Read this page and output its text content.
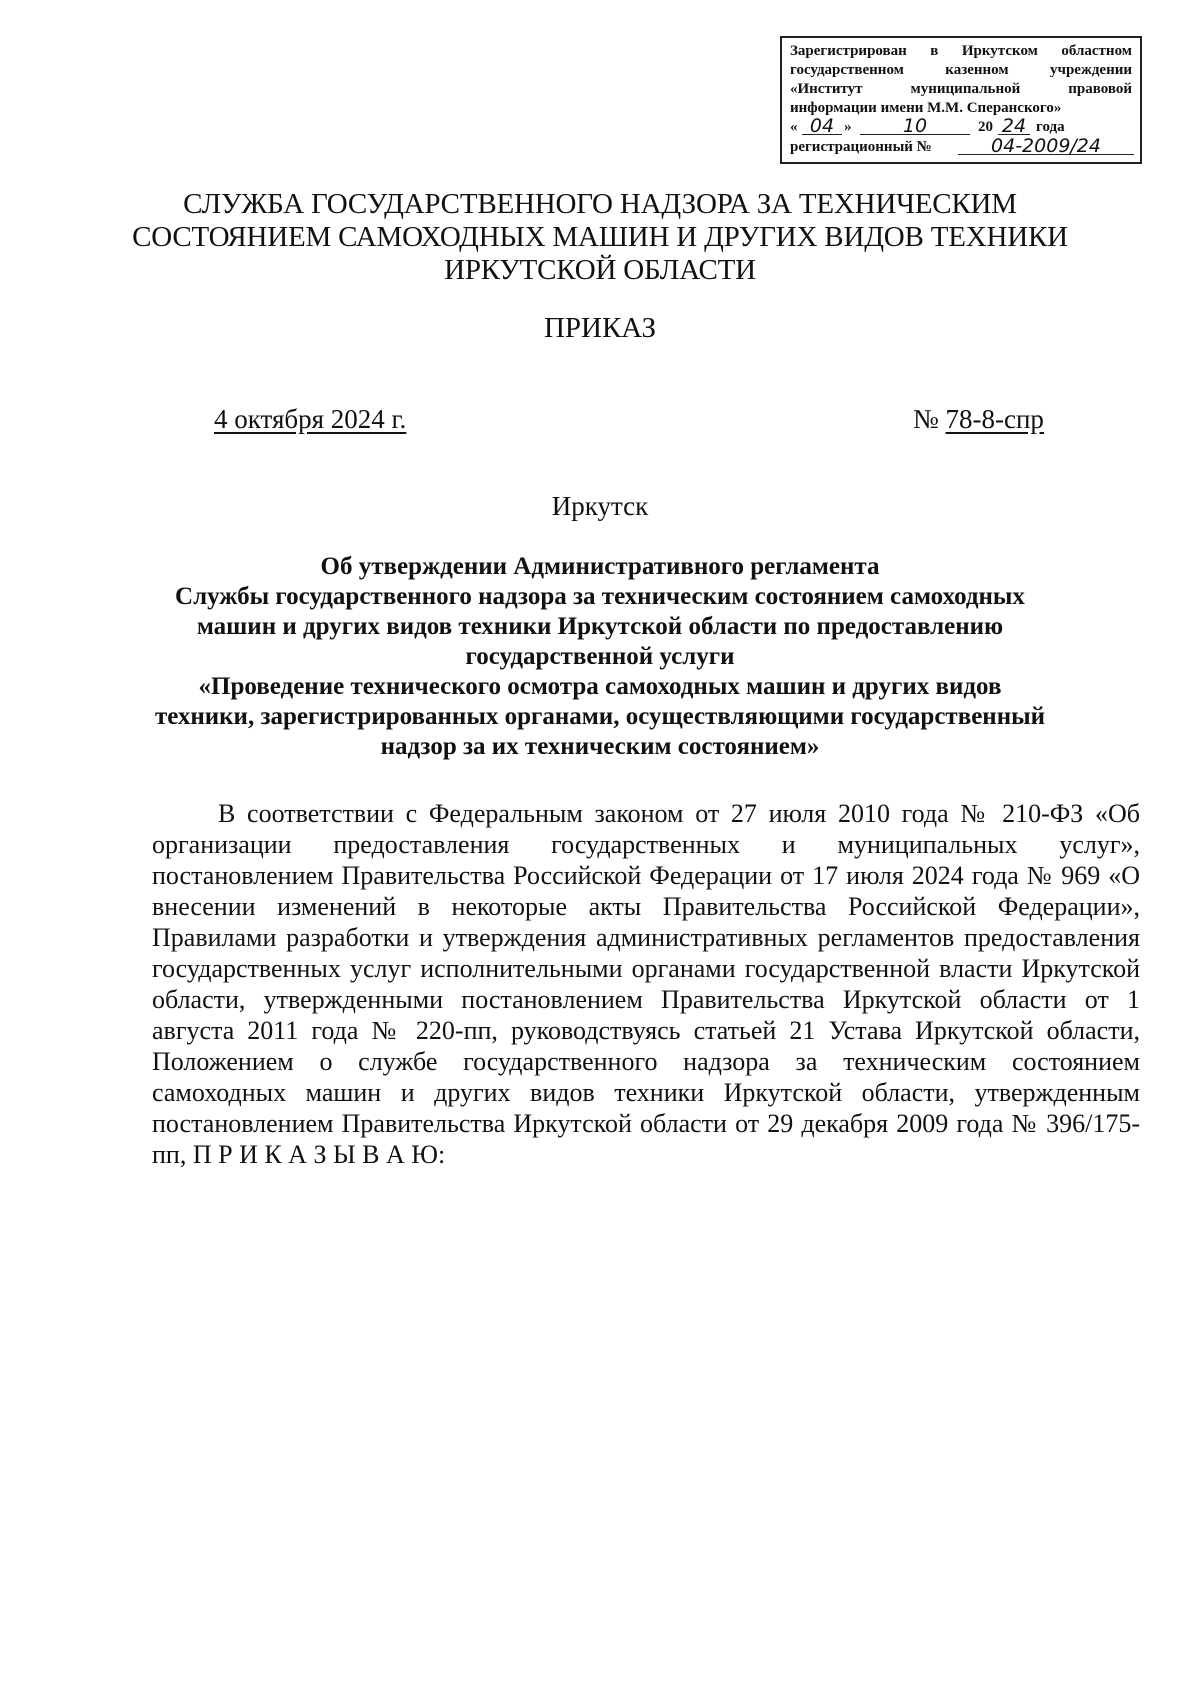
Зарегистрирован в Иркутском областном
государственном казенном учреждении
«Институт муниципальной правовой
информации имени М.М. Сперанского»
« 04 »	10	20 24 года
регистрационный №	04-2009/24
СЛУЖБА ГОСУДАРСТВЕННОГО НАДЗОРА ЗА ТЕХНИЧЕСКИМ
СОСТОЯНИЕМ САМОХОДНЫХ МАШИН И ДРУГИХ ВИДОВ ТЕХНИКИ
ИРКУТСКОЙ ОБЛАСТИ
ПРИКАЗ
4 октября 2024 г.	№ 78-8-спр
Иркутск
Об утверждении Административного регламента
Службы государственного надзора за техническим состоянием самоходных
машин и других видов техники Иркутской области по предоставлению
государственной услуги
«Проведение технического осмотра самоходных машин и других видов
техники, зарегистрированных органами, осуществляющими государственный
надзор за их техническим состоянием»

В соответствии с Федеральным законом от 27 июля 2010 года № 210-ФЗ «Об организации предоставления государственных и муниципальных услуг», постановлением Правительства Российской Федерации от 17 июля 2024 года № 969 «О внесении изменений в некоторые акты Правительства Российской Федерации», Правилами разработки и утверждения административных регламентов предоставления государственных услуг исполнительными органами государственной власти Иркутской области, утвержденными постановлением Правительства Иркутской области от 1 августа 2011 года № 220-пп, руководствуясь статьей 21 Устава Иркутской области, Положением о службе государственного надзора за техническим состоянием самоходных машин и других видов техники Иркутской области, утвержденным постановлением Правительства Иркутской области от 29 декабря 2009 года № 396/175-пп, П Р И К А З Ы В А Ю:
